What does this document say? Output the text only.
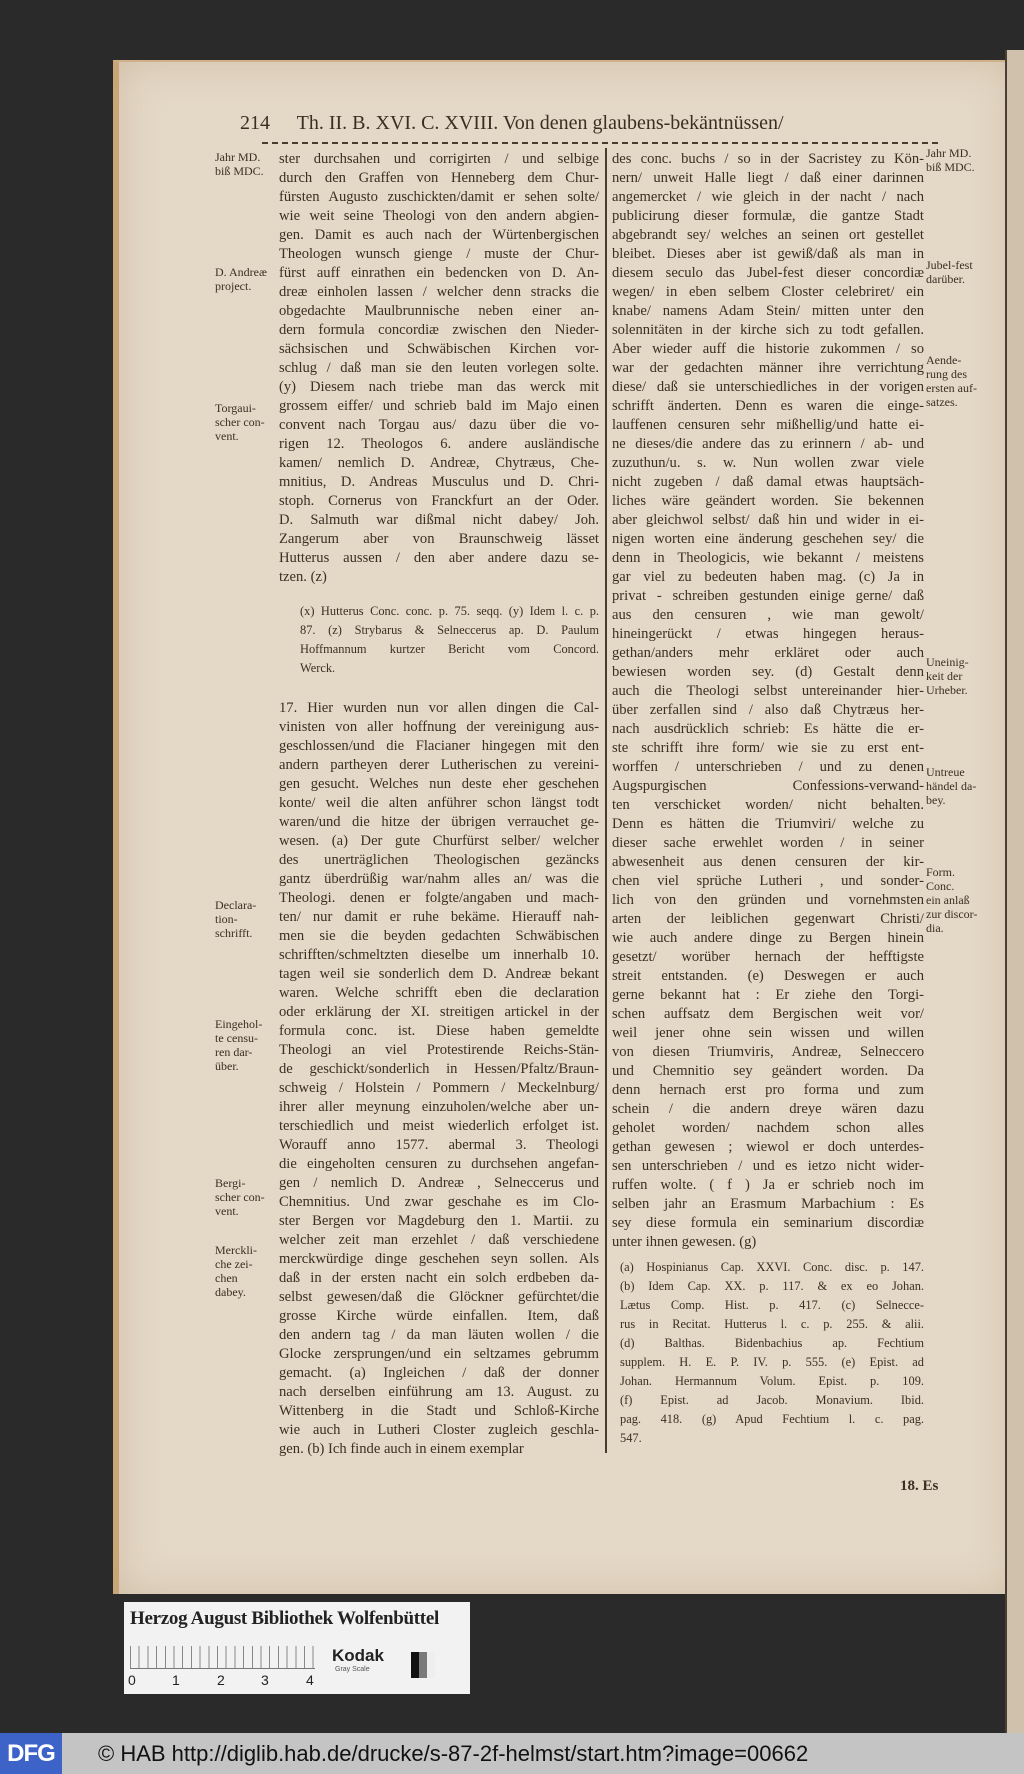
214 Th. II. B. XVI. C. XVIII. Von denen glaubens-bekäntnüssen/
ster durchsahen und corrigirten / und selbige
durch den Graffen von Henneberg dem Chur-
fürsten Augusto zuschickten/damit er sehen solte/
wie weit seine Theologi von den andern abgien-
gen. Damit es auch nach der Würtenbergischen
Theologen wunsch gienge / muste der Chur-
fürst auff einrathen ein bedencken von D. An-
dreæ einholen lassen / welcher denn stracks die
obgedachte Maulbrunnische neben einer an-
dern formula concordiæ zwischen den Nieder-
sächsischen und Schwäbischen Kirchen vor-
schlug / daß man sie den leuten vorlegen solte.
(y) Diesem nach triebe man das werck mit
grossem eiffer/ und schrieb bald im Majo einen
convent nach Torgau aus/ dazu über die vo-
rigen 12. Theologos 6. andere ausländische
kamen/ nemlich D. Andreæ, Chytræus, Che-
mnitius, D. Andreas Musculus und D. Chri-
stoph. Cornerus von Franckfurt an der Oder.
D. Salmuth war dißmal nicht dabey/ Joh.
Zangerum aber von Braunschweig lässet
Hutterus aussen / den aber andere dazu se-
tzen. (z)
(x) Hutterus Conc. conc. p. 75. seqq. (y) Idem l. c. p.
87. (z) Strybarus & Selneccerus ap. D. Paulum
Hoffmannum kurtzer Bericht vom Concord.
Werck.
17. Hier wurden nun vor allen dingen die Cal-
vinisten von aller hoffnung der vereinigung aus-
geschlossen/und die Flacianer hingegen mit den
andern partheyen derer Lutherischen zu vereini-
gen gesucht. Welches nun deste eher geschehen
konte/ weil die alten anführer schon längst todt
waren/und die hitze der übrigen verrauchet ge-
wesen. (a) Der gute Churfürst selber/ welcher
des unerträglichen Theologischen gezäncks
gantz überdrüßig war/nahm alles an/ was die
Theologi. denen er folgte/angaben und mach-
ten/ nur damit er ruhe bekäme. Hierauff nah-
men sie die beyden gedachten Schwäbischen
schrifften/schmeltzten dieselbe um innerhalb 10.
tagen weil sie sonderlich dem D. Andreæ bekant
waren. Welche schrifft eben die declaration
oder erklärung der XI. streitigen artickel in der
formula conc. ist. Diese haben gemeldte
Theologi an viel Protestirende Reichs-Stän-
de geschickt/sonderlich in Hessen/Pfaltz/Braun-
schweig / Holstein / Pommern / Meckelnburg/
ihrer aller meynung einzuholen/welche aber un-
terschiedlich und meist wiederlich erfolget ist.
Worauff anno 1577. abermal 3. Theologi
die eingeholten censuren zu durchsehen angefan-
gen / nemlich D. Andreæ , Selneccerus und
Chemnitius. Und zwar geschahe es im Clo-
ster Bergen vor Magdeburg den 1. Martii. zu
welcher zeit man erzehlet / daß verschiedene
merckwürdige dinge geschehen seyn sollen. Als
daß in der ersten nacht ein solch erdbeben da-
selbst gewesen/daß die Glöckner gefürchtet/die
grosse Kirche würde einfallen. Item, daß
den andern tag / da man läuten wollen / die
Glocke zersprungen/und ein seltzames gebrumm
gemacht. (a) Ingleichen / daß der donner
nach derselben einführung am 13. August. zu
Wittenberg in die Stadt und Schloß-Kirche
wie auch in Lutheri Closter zugleich geschla-
gen. (b) Ich finde auch in einem exemplar
des conc. buchs / so in der Sacristey zu Kön-
nern/ unweit Halle liegt / daß einer darinnen
angemercket / wie gleich in der nacht / nach
publicirung dieser formulæ, die gantze Stadt
abgebrandt sey/ welches an seinen ort gestellet
bleibet. Dieses aber ist gewiß/daß als man in
diesem seculo das Jubel-fest dieser concordiæ
wegen/ in eben selbem Closter celebriret/ ein
knabe/ namens Adam Stein/ mitten unter den
solennitäten in der kirche sich zu todt gefallen.
Aber wieder auff die historie zukommen / so
war der gedachten männer ihre verrichtung
diese/ daß sie unterschiedliches in der vorigen
schrifft änderten. Denn es waren die einge-
lauffenen censuren sehr mißhellig/und hatte ei-
ne dieses/die andere das zu erinnern / ab- und
zuzuthun/u. s. w. Nun wollen zwar viele
nicht zugeben / daß damal etwas hauptsäch-
liches wäre geändert worden. Sie bekennen
aber gleichwol selbst/ daß hin und wider in ei-
nigen worten eine änderung geschehen sey/ die
denn in Theologicis, wie bekannt / meistens
gar viel zu bedeuten haben mag. (c) Ja in
privat - schreiben gestunden einige gerne/ daß
aus den censuren , wie man gewolt/
hineingerückt / etwas hingegen heraus-
gethan/anders mehr erkläret oder auch
bewiesen worden sey. (d) Gestalt denn
auch die Theologi selbst untereinander hier-
über zerfallen sind / also daß Chytræus her-
nach ausdrücklich schrieb: Es hätte die er-
ste schrifft ihre form/ wie sie zu erst ent-
worffen / unterschrieben / und zu denen
Augspurgischen Confessions-verwand-
ten verschicket worden/ nicht behalten.
Denn es hätten die Triumviri/ welche zu
dieser sache erwehlet worden / in seiner
abwesenheit aus denen censuren der kir-
chen viel sprüche Lutheri , und sonder-
lich von den gründen und vornehmsten
arten der leiblichen gegenwart Christi/
wie auch andere dinge zu Bergen hinein
gesetzt/ worüber hernach der hefftigste
streit entstanden. (e) Deswegen er auch
gerne bekannt hat : Er ziehe den Torgi-
schen auffsatz dem Bergischen weit vor/
weil jener ohne sein wissen und willen
von diesen Triumviris, Andreæ, Selneccero
und Chemnitio sey geändert worden. Da
denn hernach erst pro forma und zum
schein / die andern dreye wären dazu
geholet worden/ nachdem schon alles
gethan gewesen ; wiewol er doch unterdes-
sen unterschrieben / und es ietzo nicht wider-
ruffen wolte. ( f ) Ja er schrieb noch im
selben jahr an Erasmum Marbachium : Es
sey diese formula ein seminarium discordiæ
unter ihnen gewesen. (g)
(a) Hospinianus Cap. XXVI. Conc. disc. p. 147.
(b) Idem Cap. XX. p. 117. & ex eo Johan.
Lætus Comp. Hist. p. 417. (c) Selnecce-
rus in Recitat. Hutterus l. c. p. 255. & alii.
(d) Balthas. Bidenbachius ap. Fechtium
supplem. H. E. P. IV. p. 555. (e) Epist. ad
Johan. Hermannum Volum. Epist. p. 109.
(f) Epist. ad Jacob. Monavium. Ibid.
pag. 418. (g) Apud Fechtium l. c. pag.
547.
Jahr MD.
biß MDC.
D. Andreæ
project.
Torgaui-
scher con-
vent.
Declara-
tion-
schrifft.
Eingehol-
te censu-
ren dar-
über.
Bergi-
scher con-
vent.
Merckli-
che zei-
chen
dabey.
Jahr MD.
biß MDC.
Jubel-fest
darüber.
Aende-
rung des
ersten auf-
satzes.
Uneinig-
keit der
Urheber.
Untreue
händel da-
bey.
Form.
Conc.
ein anlaß
zur discor-
dia.
18. Es
Herzog August Bibliothek Wolfenbüttel
0	1	2	3	4
Kodak
Gray Scale
DFG	© HAB http://diglib.hab.de/drucke/s-87-2f-helmst/start.htm?image=00662
